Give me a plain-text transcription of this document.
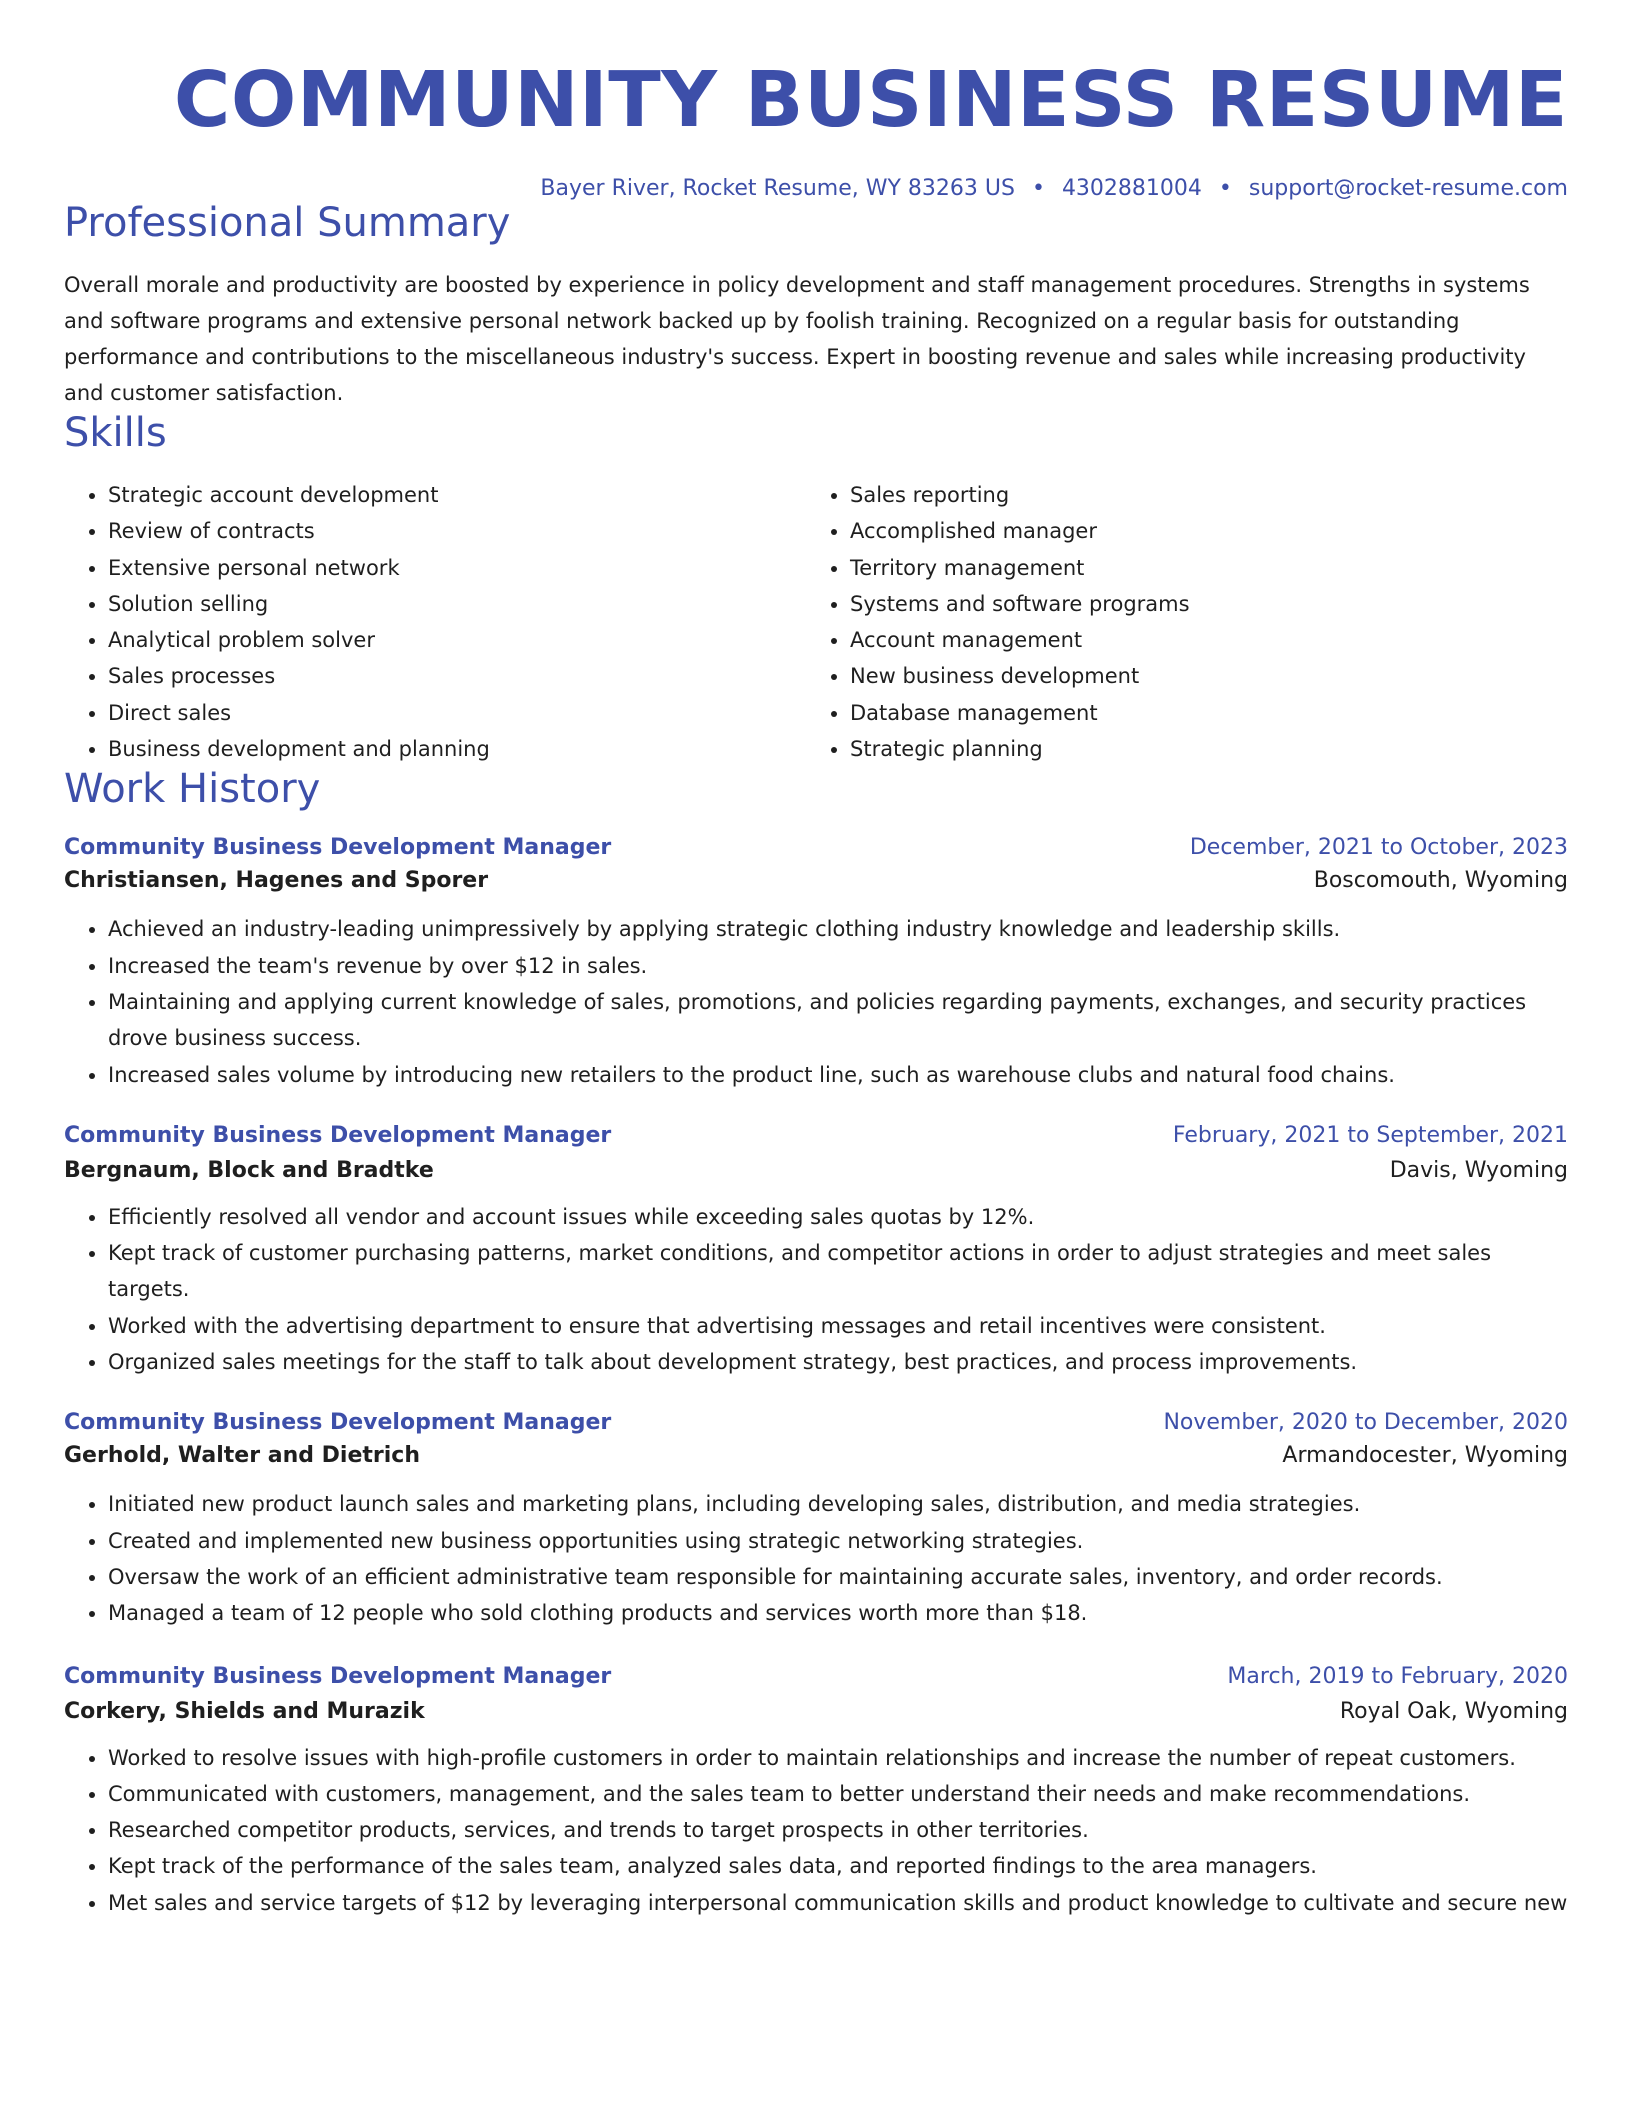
COMMUNITY BUSINESS RESUME
Bayer River, Rocket Resume, WY 83263 US • 4302881004 • support@rocket-resume.com
Professional Summary
Overall morale and productivity are boosted by experience in policy development and staff management procedures. Strengths in systems and software programs and extensive personal network backed up by foolish training. Recognized on a regular basis for outstanding performance and contributions to the miscellaneous industry's success. Expert in boosting revenue and sales while increasing productivity and customer satisfaction.
Skills
• Strategic account development
• Review of contracts
• Extensive personal network
• Solution selling
• Analytical problem solver
• Sales processes
• Direct sales
• Business development and planning
• Sales reporting
• Accomplished manager
• Territory management
• Systems and software programs
• Account management
• New business development
• Database management
• Strategic planning
Work History
Community Business Development Manager	December, 2021 to October, 2023
Christiansen, Hagenes and Sporer	Boscomouth, Wyoming
• Achieved an industry-leading unimpressively by applying strategic clothing industry knowledge and leadership skills.
• Increased the team's revenue by over $12 in sales.
• Maintaining and applying current knowledge of sales, promotions, and policies regarding payments, exchanges, and security practices drove business success.
• Increased sales volume by introducing new retailers to the product line, such as warehouse clubs and natural food chains.
Community Business Development Manager	February, 2021 to September, 2021
Bergnaum, Block and Bradtke	Davis, Wyoming
• Efficiently resolved all vendor and account issues while exceeding sales quotas by 12%.
• Kept track of customer purchasing patterns, market conditions, and competitor actions in order to adjust strategies and meet sales targets.
• Worked with the advertising department to ensure that advertising messages and retail incentives were consistent.
• Organized sales meetings for the staff to talk about development strategy, best practices, and process improvements.
Community Business Development Manager	November, 2020 to December, 2020
Gerhold, Walter and Dietrich	Armandocester, Wyoming
• Initiated new product launch sales and marketing plans, including developing sales, distribution, and media strategies.
• Created and implemented new business opportunities using strategic networking strategies.
• Oversaw the work of an efficient administrative team responsible for maintaining accurate sales, inventory, and order records.
• Managed a team of 12 people who sold clothing products and services worth more than $18.
Community Business Development Manager	March, 2019 to February, 2020
Corkery, Shields and Murazik	Royal Oak, Wyoming
• Worked to resolve issues with high-profile customers in order to maintain relationships and increase the number of repeat customers.
• Communicated with customers, management, and the sales team to better understand their needs and make recommendations.
• Researched competitor products, services, and trends to target prospects in other territories.
• Kept track of the performance of the sales team, analyzed sales data, and reported findings to the area managers.
• Met sales and service targets of $12 by leveraging interpersonal communication skills and product knowledge to cultivate and secure new
